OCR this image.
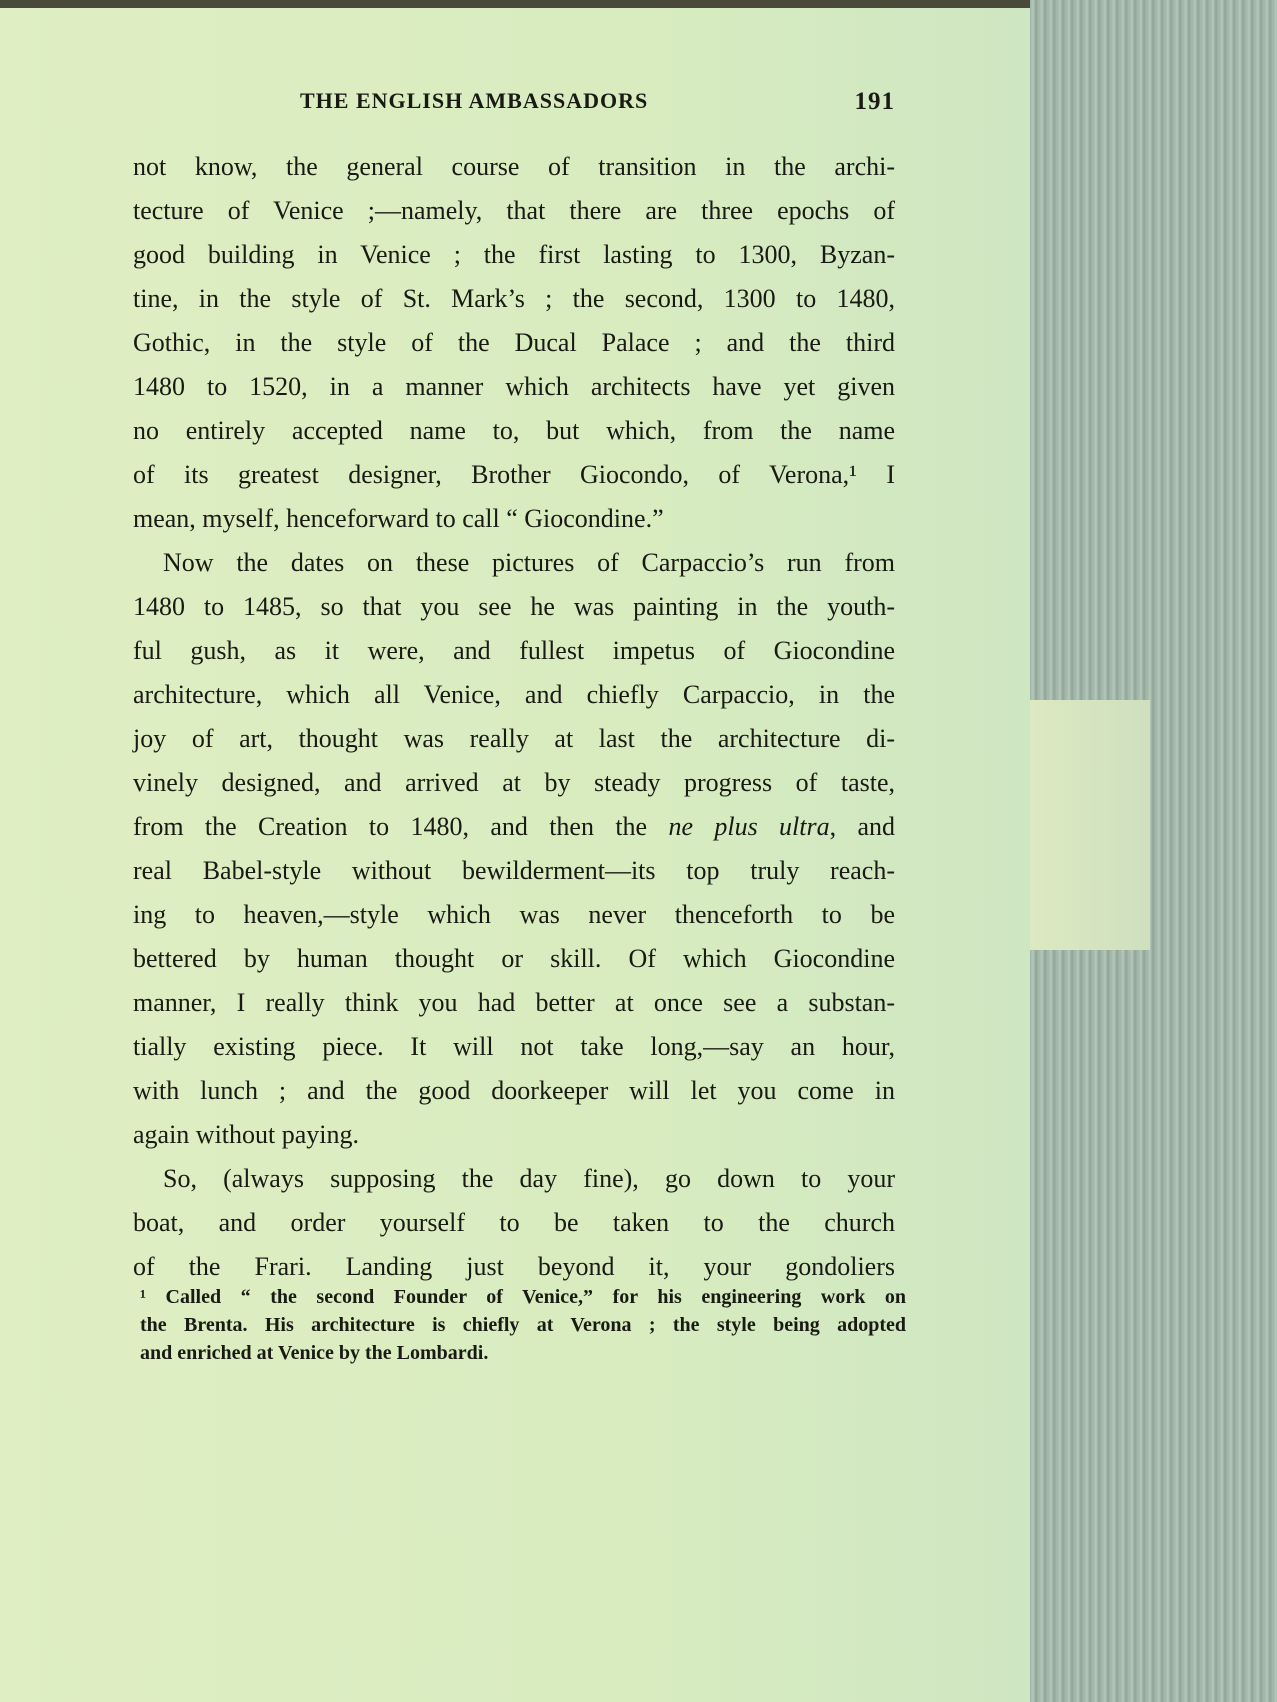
THE ENGLISH AMBASSADORS	191
not know, the general course of transition in the archi-
tecture of Venice ;—namely, that there are three epochs of
good building in Venice ; the first lasting to 1300, Byzan-
tine, in the style of St. Mark’s ; the second, 1300 to 1480,
Gothic, in the style of the Ducal Palace ; and the third
1480 to 1520, in a manner which architects have yet given
no entirely accepted name to, but which, from the name
of its greatest designer, Brother Giocondo, of Verona,¹ I
mean, myself, henceforward to call “ Giocondine.”
Now the dates on these pictures of Carpaccio’s run from
1480 to 1485, so that you see he was painting in the youth-
ful gush, as it were, and fullest impetus of Giocondine
architecture, which all Venice, and chiefly Carpaccio, in the
joy of art, thought was really at last the architecture di-
vinely designed, and arrived at by steady progress of taste,
from the Creation to 1480, and then the ne plus ultra, and
real Babel-style without bewilderment—its top truly reach-
ing to heaven,—style which was never thenceforth to be
bettered by human thought or skill. Of which Giocondine
manner, I really think you had better at once see a substan-
tially existing piece. It will not take long,—say an hour,
with lunch ; and the good doorkeeper will let you come in
again without paying.
So, (always supposing the day fine), go down to your
boat, and order yourself to be taken to the church
of the Frari. Landing just beyond it, your gondoliers
¹ Called “ the second Founder of Venice,” for his engineering work on
the Brenta. His architecture is chiefly at Verona ; the style being adopted
and enriched at Venice by the Lombardi.
